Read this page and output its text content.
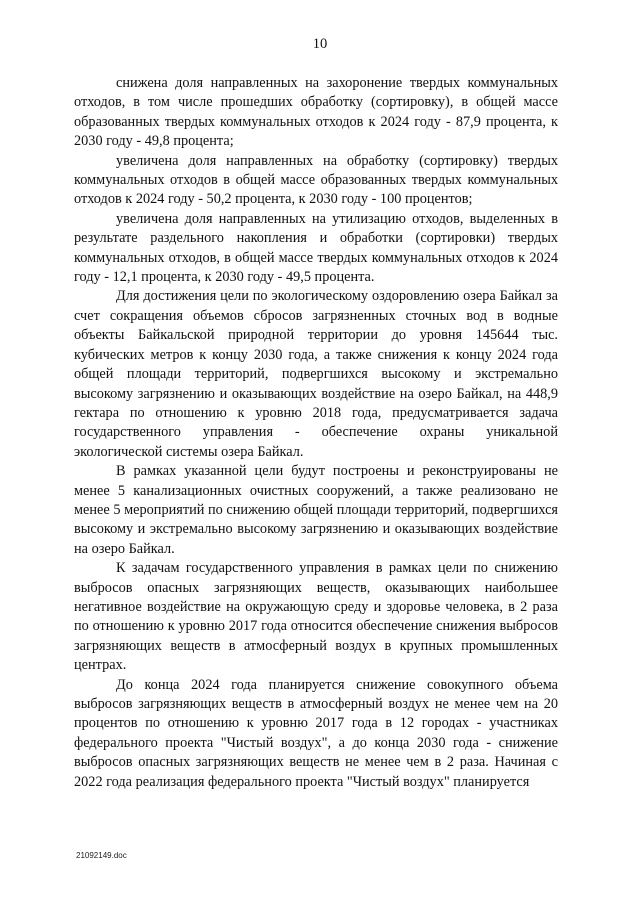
10

снижена доля направленных на захоронение твердых коммунальных отходов, в том числе прошедших обработку (сортировку), в общей массе образованных твердых коммунальных отходов к 2024 году - 87,9 процента, к 2030 году - 49,8 процента;

увеличена доля направленных на обработку (сортировку) твердых коммунальных отходов в общей массе образованных твердых коммунальных отходов к 2024 году - 50,2 процента, к 2030 году - 100 процентов;

увеличена доля направленных на утилизацию отходов, выделенных в результате раздельного накопления и обработки (сортировки) твердых коммунальных отходов, в общей массе твердых коммунальных отходов к 2024 году - 12,1 процента, к 2030 году - 49,5 процента.

Для достижения цели по экологическому оздоровлению озера Байкал за счет сокращения объемов сбросов загрязненных сточных вод в водные объекты Байкальской природной территории до уровня 145644 тыс. кубических метров к концу 2030 года, а также снижения к концу 2024 года общей площади территорий, подвергшихся высокому и экстремально высокому загрязнению и оказывающих воздействие на озеро Байкал, на 448,9 гектара по отношению к уровню 2018 года, предусматривается задача государственного управления - обеспечение охраны уникальной экологической системы озера Байкал.

В рамках указанной цели будут построены и реконструированы не менее 5 канализационных очистных сооружений, а также реализовано не менее 5 мероприятий по снижению общей площади территорий, подвергшихся высокому и экстремально высокому загрязнению и оказывающих воздействие на озеро Байкал.

К задачам государственного управления в рамках цели по снижению выбросов опасных загрязняющих веществ, оказывающих наибольшее негативное воздействие на окружающую среду и здоровье человека, в 2 раза по отношению к уровню 2017 года относится обеспечение снижения выбросов загрязняющих веществ в атмосферный воздух в крупных промышленных центрах.

До конца 2024 года планируется снижение совокупного объема выбросов загрязняющих веществ в атмосферный воздух не менее чем на 20 процентов по отношению к уровню 2017 года в 12 городах - участниках федерального проекта "Чистый воздух", а до конца 2030 года - снижение выбросов опасных загрязняющих веществ не менее чем в 2 раза. Начиная с 2022 года реализация федерального проекта "Чистый воздух" планируется

21092149.doc
